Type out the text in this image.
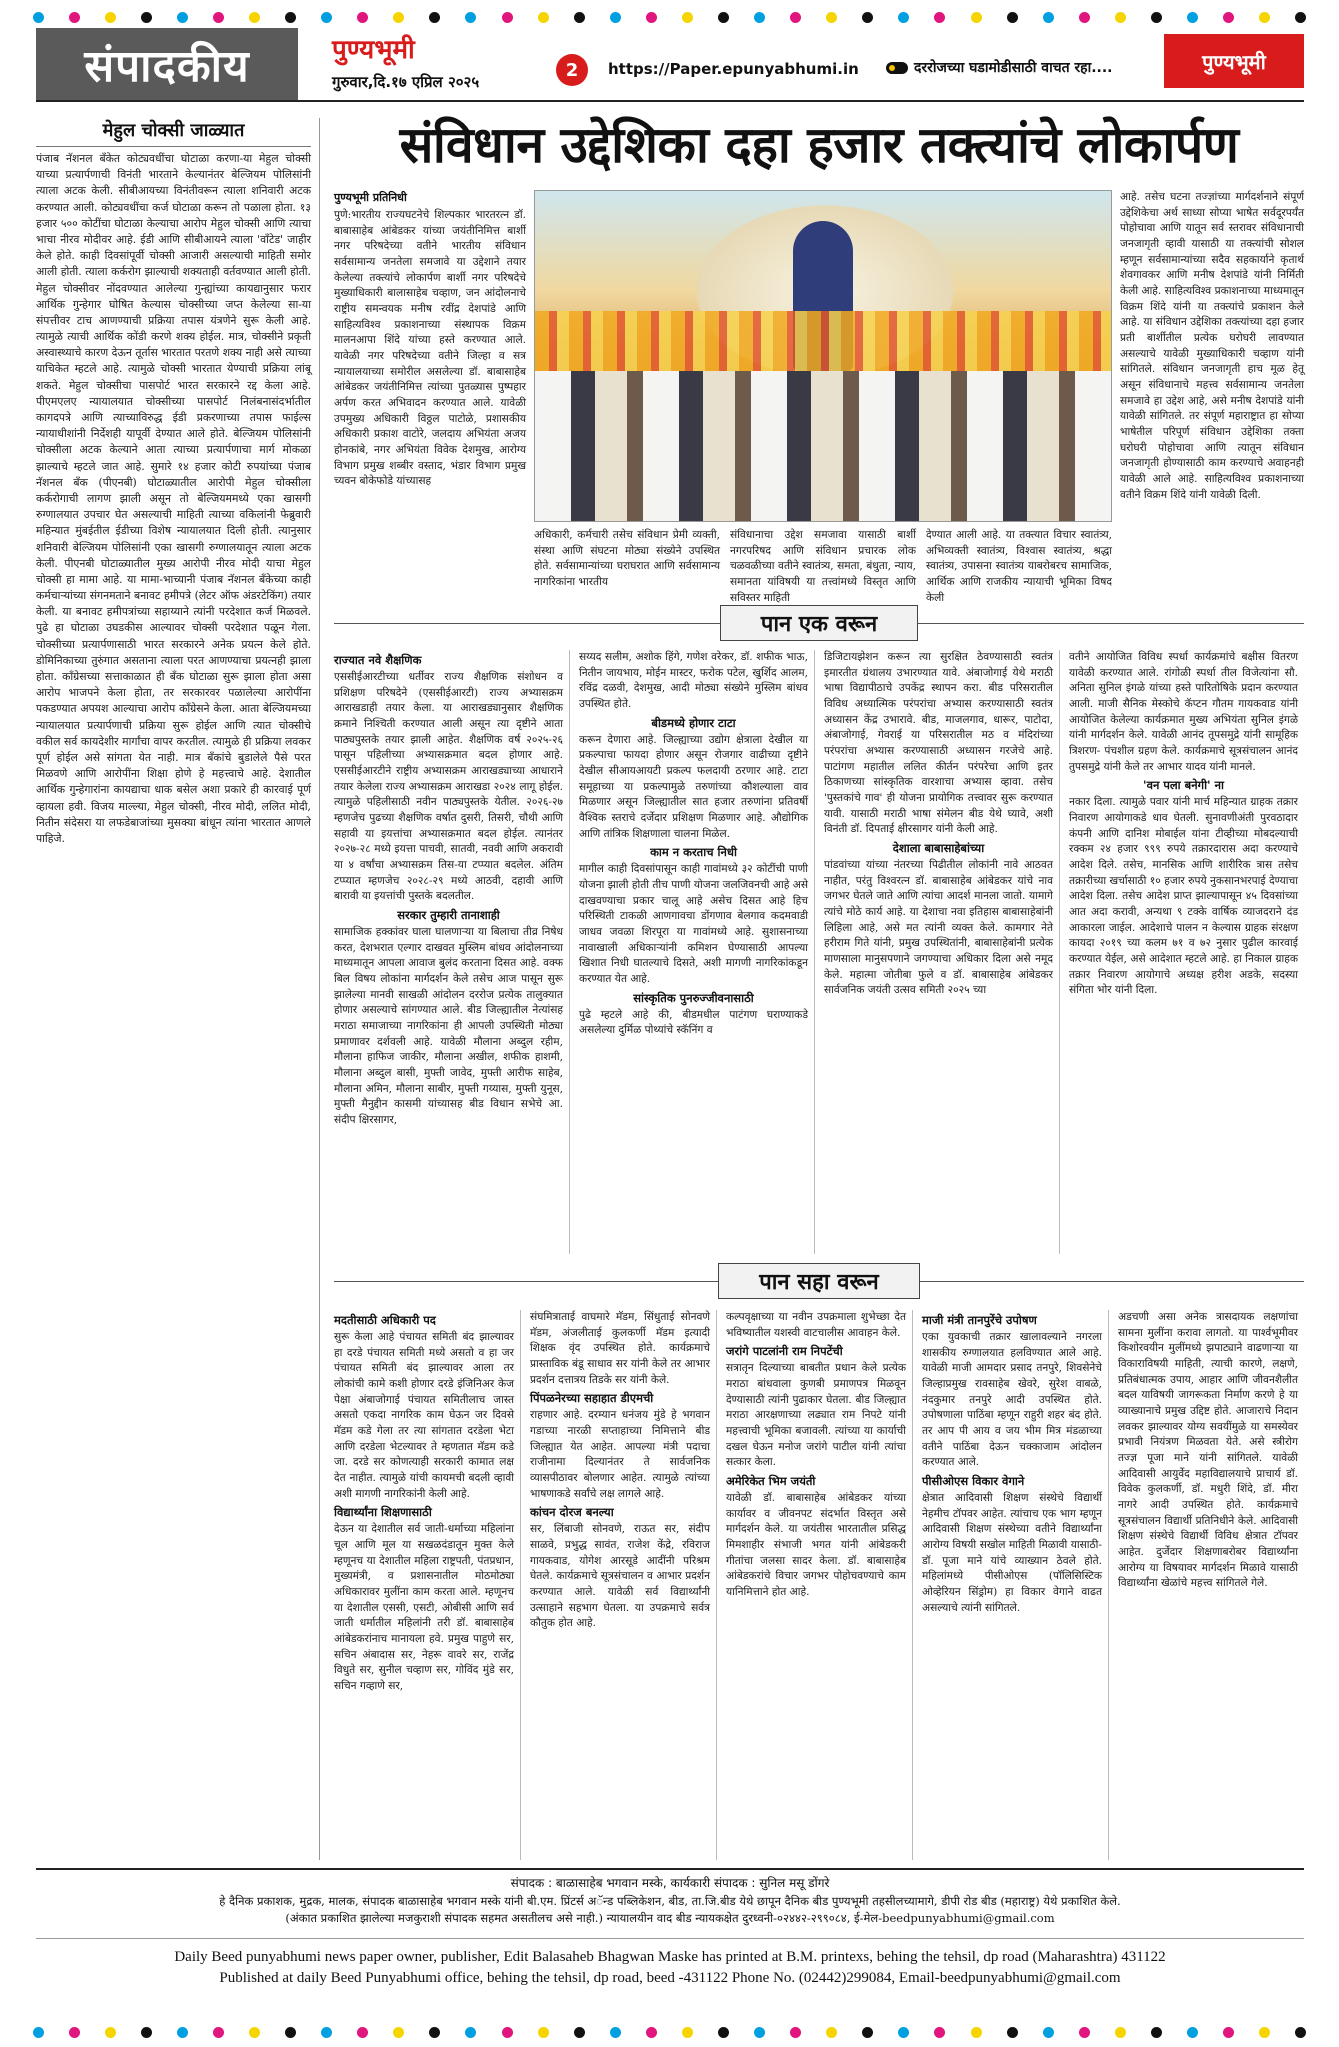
संपादकीय	पुण्यभूमी
गुरुवार,दि.१७ एप्रिल २०२५
2	https://Paper.epunyabhumi.in	दररोजच्या घडामोडीसाठी वाचत रहा....	पुण्यभूमी
मेहुल चोक्सी जाळ्यात

पंजाब नॅशनल बँकेत कोट्यवधींचा घोटाळा करणा-या मेहुल चोक्सी याच्या प्रत्यार्पणाची विनंती भारताने केल्यानंतर बेल्जियम पोलिसांनी त्याला अटक केली. सीबीआयच्या विनंतीवरून त्याला शनिवारी अटक करण्यात आली. कोट्यवधींचा कर्ज घोटाळा करून तो पळाला होता. १३ हजार ५०० कोटींचा घोटाळा केल्याचा आरोप मेहुल चोक्सी आणि त्याचा भाचा नीरव मोदीवर आहे. ईडी आणि सीबीआयने त्याला 'वाँटेड' जाहीर केले होते. काही दिवसांपूर्वी चोक्सी आजारी असल्याची माहिती समोर आली होती. त्याला कर्करोग झाल्याची शक्यताही वर्तवण्यात आली होती. मेहुल चोक्सीवर नोंदवण्यात आलेल्या गुन्ह्यांच्या कायद्यानुसार फरार आर्थिक गुन्हेगार घोषित केल्यास चोक्सीच्या जप्त केलेल्या सा-या संपत्तीवर टाच आणण्याची प्रक्रिया तपास यंत्रणेने सुरू केली आहे. त्यामुळे त्याची आर्थिक कोंडी करणे शक्य होईल. मात्र, चोक्सीने प्रकृती अस्वास्थ्याचे कारण देऊन तूर्तास भारतात परतणे शक्य नाही असे त्याच्या याचिकेत म्हटले आहे. त्यामुळे चोक्सी भारतात येण्याची प्रक्रिया लांबू शकते. मेहुल चोक्सीचा पासपोर्ट भारत सरकारने रद्द केला आहे. पीएमएलए न्यायालयात चोक्सीच्या पासपोर्ट निलंबनासंदर्भातील कागदपत्रे आणि त्याच्याविरुद्ध ईडी प्रकरणाच्या तपास फाईल्स न्यायाधीशांनी निर्देशही यापूर्वी देण्यात आले होते. बेल्जियम पोलिसांनी चोक्सीला अटक केल्याने आता त्याच्या प्रत्यार्पणाचा मार्ग मोकळा झाल्याचे म्हटले जात आहे. सुमारे १४ हजार कोटी रुपयांच्या पंजाब नॅशनल बँक (पीएनबी) घोटाळ्यातील आरोपी मेहुल चोक्सीला कर्करोगाची लागण झाली असून तो बेल्जियममध्ये एका खासगी रुग्णालयात उपचार घेत असल्याची माहिती त्याच्या वकिलांनी फेब्रुवारी महिन्यात मुंबईतील ईडीच्या विशेष न्यायालयात दिली होती. त्यानुसार शनिवारी बेल्जियम पोलिसांनी एका खासगी रुग्णालयातून त्याला अटक केली. पीएनबी घोटाळ्यातील मुख्य आरोपी नीरव मोदी याचा मेहुल चोक्सी हा मामा आहे. या मामा-भाच्यानी पंजाब नॅशनल बँकेच्या काही कर्मचाऱ्यांच्या संगनमताने बनावट हमीपत्रे (लेटर ऑफ अंडरटेकिंग) तयार केली. या बनावट हमीपत्रांच्या सहाय्याने त्यांनी परदेशात कर्ज मिळवले. पुढे हा घोटाळा उघडकीस आल्यावर चोक्सी परदेशात पळून गेला. चोक्सीच्या प्रत्यार्पणासाठी भारत सरकारने अनेक प्रयत्न केले होते. डोमिनिकाच्या तुरुंगात असताना त्याला परत आणण्याचा प्रयत्नही झाला होता. काँग्रेसच्या सत्ताकाळात ही बँक घोटाळा सुरू झाला होता असा आरोप भाजपने केला होता, तर सरकारवर पळालेल्या आरोपींना पकडण्यात अपयश आल्याचा आरोप काँग्रेसने केला. आता बेल्जियमच्या न्यायालयात प्रत्यार्पणाची प्रक्रिया सुरू होईल आणि त्यात चोक्सीचे वकील सर्व कायदेशीर मार्गांचा वापर करतील. त्यामुळे ही प्रक्रिया लवकर पूर्ण होईल असे सांगता येत नाही. मात्र बँकांचे बुडालेले पैसे परत मिळवणे आणि आरोपींना शिक्षा होणे हे महत्त्वाचे आहे. देशातील आर्थिक गुन्हेगारांना कायद्याचा धाक बसेल अशा प्रकारे ही कारवाई पूर्ण व्हायला हवी. विजय माल्ल्या, मेहुल चोक्सी, नीरव मोदी, ललित मोदी, नितीन संदेसरा या लफडेबाजांच्या मुसक्या बांधून त्यांना भारतात आणले पाहिजे.

संविधान उद्देशिका दहा हजार तक्त्यांचे लोकार्पण
पुण्यभूमी प्रतिनिधी

पुणे:भारतीय राज्यघटनेचे शिल्पकार भारतरत्न डॉ. बाबासाहेब आंबेडकर यांच्या जयंतीनिमित्त बार्शी नगर परिषदेच्या वतीने भारतीय संविधान सर्वसामान्य जनतेला समजावे या उद्देशाने तयार केलेल्या तक्त्यांचे लोकार्पण बार्शी नगर परिषदेचे मुख्याधिकारी बालासाहेब चव्हाण, जन आंदोलनाचे राष्ट्रीय समन्वयक मनीष रवींद्र देशपांडे आणि साहित्यविश्व प्रकाशनाच्या संस्थापक विक्रम मालनआपा शिंदे यांच्या हस्ते करण्यात आले. यावेळी नगर परिषदेच्या वतीने जिल्हा व सत्र न्यायालयाच्या समोरील असलेल्या डॉ. बाबासाहेब आंबेडकर जयंतीनिमित्त त्यांच्या पुतळ्यास पुष्पहार अर्पण करत अभिवादन करण्यात आले. यावेळी उपमुख्य अधिकारी विठ्ठल पाटोळे, प्रशासकीय अधिकारी प्रकाश वाटोरे, जलदाय अभियंता अजय होनकांबे, नगर अभियंता विवेक देशमुख, आरोग्य विभाग प्रमुख शब्बीर वस्ताद, भंडार विभाग प्रमुख च्यवन बोकेफोडे यांच्यासह

अधिकारी, कर्मचारी तसेच संविधान प्रेमी व्यक्ती, संस्था आणि संघटना मोठ्या संख्येने उपस्थित होते. सर्वसामान्यांच्या घराघरात आणि सर्वसामान्य नागरिकांना भारतीय

संविधानाचा उद्देश समजावा यासाठी बार्शी नगरपरिषद आणि संविधान प्रचारक लोक चळवळीच्या वतीने स्वातंत्र्य, समता, बंधुता, न्याय, समानता यांविषयी या तत्त्वांमध्ये विस्तृत आणि सविस्तर माहिती

देण्यात आली आहे. या तक्त्यात विचार स्वातंत्र्य, अभिव्यक्ती स्वातंत्र्य, विश्वास स्वातंत्र्य, श्रद्धा स्वातंत्र्य, उपासना स्वातंत्र्य याबरोबरच सामाजिक, आर्थिक आणि राजकीय न्यायाची भूमिका विषद केली

आहे. तसेच घटना तज्ज्ञांच्या मार्गदर्शनाने संपूर्ण उद्देशिकेचा अर्थ साध्या सोप्या भाषेत सर्वदूरपर्यंत पोहोचावा आणि यातून सर्व स्तरावर संविधानाची जनजागृती व्हावी यासाठी या तक्त्यांची सोशल म्हणून सर्वसामान्यांच्या सदैव सहकार्याने कृतार्थ शेवगावकर आणि मनीष देशपांडे यांनी निर्मिती केली आहे. साहित्यविश्व प्रकाशनाच्या माध्यमातून विक्रम शिंदे यांनी या तक्त्यांचे प्रकाशन केले आहे. या संविधान उद्देशिका तक्त्यांच्या दहा हजार प्रती बार्शीतील प्रत्येक घरोघरी लावण्यात असल्याचे यावेळी मुख्याधिकारी चव्हाण यांनी सांगितले. संविधान जनजागृती हाच मूळ हेतू असून संविधानाचे महत्त्व सर्वसामान्य जनतेला समजावे हा उद्देश आहे, असे मनीष देशपांडे यांनी यावेळी सांगितले. तर संपूर्ण महाराष्ट्रात हा सोप्या भाषेतील परिपूर्ण संविधान उद्देशिका तक्ता घरोघरी पोहोचावा आणि त्यातून संविधान जनजागृती होण्यासाठी काम करण्याचे अवाहनही यावेळी आले आहे. साहित्यविश्व प्रकाशनाच्या वतीने विक्रम शिंदे यांनी यावेळी दिली.

पान एक वरून
राज्यात नवे शैक्षणिक

एससीईआरटीच्या धर्तीवर राज्य शैक्षणिक संशोधन व प्रशिक्षण परिषदेने (एससीईआरटी) राज्य अभ्यासक्रम आराखडाही तयार केला. या आराखड्यानुसार शैक्षणिक क्रमाने निश्चिती करण्यात आली असून त्या दृष्टीने आता पाठ्यपुस्तके तयार झाली आहेत. शैक्षणिक वर्ष २०२५-२६ पासून पहिलीच्या अभ्यासक्रमात बदल होणार आहे. एससीईआरटीने राष्ट्रीय अभ्यासक्रम आराखड्याच्या आधाराने तयार केलेला राज्य अभ्यासक्रम आराखडा २०२४ लागू होईल. त्यामुळे पहिलीसाठी नवीन पाठ्यपुस्तके येतील. २०२६-२७ म्हणजेच पुढच्या शैक्षणिक वर्षात दुसरी, तिसरी, चौथी आणि सहावी या इयत्तांचा अभ्यासक्रमात बदल होईल. त्यानंतर २०२७-२८ मध्ये इयत्ता पाचवी, सातवी, नववी आणि अकरावी या ४ वर्षांचा अभ्यासक्रम तिस-या टप्प्यात बदलेल. अंतिम टप्प्यात म्हणजेच २०२८-२९ मध्ये आठवी, दहावी आणि बारावी या इयत्तांची पुस्तके बदलतील.

सरकार तुम्हारी तानाशाही

सामाजिक हक्कांवर घाला घालणाऱ्या या बिलाचा तीव्र निषेध करत, देशभरात एल्गार दाखवत मुस्लिम बांधव आंदोलनाच्या माध्यमातून आपला आवाज बुलंद करताना दिसत आहे. वक्फ बिल विषय लोकांना मार्गदर्शन केले तसेच आज पासून सुरू झालेल्या मानवी साखळी आंदोलन दररोज प्रत्येक तालुक्यात होणार असल्याचे सांगण्यात आले. बीड जिल्ह्यातील नेत्यांसह मराठा समाजाच्या नागरिकांना ही आपली उपस्थिती मोठ्या प्रमाणावर दर्शवली आहे. यावेळी मौलाना अब्दुल रहीम, मौलाना हाफिज जाकीर, मौलाना अखील, शफीक हाशमी, मौलाना अब्दुल बासी, मुफ्ती जावेद, मुफ्ती आरीफ साहेब, मौलाना अमिन, मौलाना साबीर, मुफ्ती गय्यास, मुफ्ती युनूस, मुफ्ती मैनुद्दीन कासमी यांच्यासह बीड विधान सभेचे आ. संदीप क्षिरसागर,

सय्यद सलीम, अशोक हिंगे, गणेश वरेकर, डॉ. शफीक भाऊ, नितीन जायभाय, मोईन मास्टर, फरोक पटेल, खुर्शिद आलम, रविंद्र दळवी, देशमुख, आदी मोठ्या संख्येने मुस्लिम बांधव उपस्थित होते.

बीडमध्ये होणार टाटा

करून देणारा आहे. जिल्ह्याच्या उद्योग क्षेत्राला देखील या प्रकल्पाचा फायदा होणार असून रोजगार वाढीच्या दृष्टीने देखील सीआयआयटी प्रकल्प फलदायी ठरणार आहे. टाटा समूहाच्या या प्रकल्पामुळे तरुणांच्या कौशल्याला वाव मिळणार असून जिल्ह्यातील सात हजार तरुणांना प्रतिवर्षी वैश्विक स्तराचे दर्जेदार प्रशिक्षण मिळणार आहे. औद्योगिक आणि तांत्रिक शिक्षणाला चालना मिळेल.

काम न करताच निधी

मागील काही दिवसांपासून काही गावांमध्ये ३२ कोटींची पाणी योजना झाली होती तीच पाणी योजना जलजिवनची आहे असे दाखवण्याचा प्रकार चालू आहे असेच दिसत आहे हिच परिस्थिती टाकळी आणगावचा डोंगणाव बेलगाव कदमवाडी जाधव जवळा शिरपूरा या गावांमध्ये आहे. सुशासनाच्या नावाखाली अधिकाऱ्यांनी कमिशन घेण्यासाठी आपल्या खिशात निधी घातल्याचे दिसते, अशी मागणी नागरिकांकडून करण्यात येत आहे.

सांस्कृतिक पुनरुज्जीवनासाठी

पुढे म्हटले आहे की, बीडमधील पाटंगण घराण्याकडे असलेल्या दुर्मिळ पोथ्यांचे स्कॅनिंग व

डिजिटायझेशन करून त्या सुरक्षित ठेवण्यासाठी स्वतंत्र इमारतीत ग्रंथालय उभारण्यात यावे. अंबाजोगाई येथे मराठी भाषा विद्यापीठाचे उपकेंद्र स्थापन करा. बीड परिसरातील विविध अध्यात्मिक परंपरांचा अभ्यास करण्यासाठी स्वतंत्र अध्यासन केंद्र उभारावे. बीड, माजलगाव, धारूर, पाटोदा, अंबाजोगाई, गेवराई या परिसरातील मठ व मंदिरांच्या परंपरांचा अभ्यास करण्यासाठी अध्यासन गरजेचे आहे. पाटांगण महातील ललित कीर्तन परंपरेचा आणि इतर ठिकाणच्या सांस्कृतिक वारशाचा अभ्यास व्हावा. तसेच 'पुस्तकांचे गाव' ही योजना प्रायोगिक तत्त्वावर सुरू करण्यात यावी. यासाठी मराठी भाषा संमेलन बीड येथे घ्यावे, अशी विनंती डॉ. दिपताई क्षीरसागर यांनी केली आहे.

देशाला बाबासाहेबांच्या

पांडवांच्या यांच्या नंतरच्या पिढीतील लोकांनी नावे आठवत नाहीत, परंतु विश्वरत्न डॉ. बाबासाहेब आंबेडकर यांचे नाव जगभर घेतले जाते आणि त्यांचा आदर्श मानला जातो. यामागे त्यांचे मोठे कार्य आहे. या देशाचा नवा इतिहास बाबासाहेबांनी लिहिला आहे, असे मत त्यांनी व्यक्त केले. कामगार नेते हरीराम गिते यांनी, प्रमुख उपस्थितांनी, बाबासाहेबांनी प्रत्येक माणसाला मानुसपणाने जगण्याचा अधिकार दिला असे नमूद केले. महात्मा जोतीबा फुले व डॉ. बाबासाहेब आंबेडकर सार्वजनिक जयंती उत्सव समिती २०२५ च्या

वतीने आयोजित विविध स्पर्धा कार्यक्रमांचे बक्षीस वितरण यावेळी करण्यात आले. रांगोळी स्पर्धा तील विजेत्यांना सौ. अनिता सुनिल इंगळे यांच्या हस्ते पारितोषिके प्रदान करण्यात आली. माजी सैनिक मेस्कोचे कॅप्टन गौतम गायकवाड यांनी आयोजित केलेल्या कार्यक्रमात मुख्य अभियंता सुनिल इंगळे यांनी मार्गदर्शन केले. यावेळी आनंद तूपसमुद्रे यांनी सामूहिक त्रिशरण- पंचशील ग्रहण केले. कार्यक्रमाचे सूत्रसंचालन आनंद तुपसमुद्रे यांनी केले तर आभार यादव यांनी मानले.

'वन पला बनेगी' ना

नकार दिला. त्यामुळे पवार यांनी मार्च महिन्यात ग्राहक तक्रार निवारण आयोगाकडे धाव घेतली. सुनावणीअंती पुरवठादार कंपनी आणि दानिश मोबाईल यांना टीव्हीच्या मोबदल्याची रक्कम २४ हजार ९९९ रुपये तक्रारदारास अदा करण्याचे आदेश दिले. तसेच, मानसिक आणि शारीरिक त्रास तसेच तक्रारीच्या खर्चासाठी १० हजार रुपये नुकसानभरपाई देण्याचा आदेश दिला. तसेच आदेश प्राप्त झाल्यापासून ४५ दिवसांच्या आत अदा करावी, अन्यथा ९ टक्के वार्षिक व्याजदराने दंड आकारला जाईल. आदेशाचे पालन न केल्यास ग्राहक संरक्षण कायदा २०१९ च्या कलम ७१ व ७२ नुसार पुढील कारवाई करण्यात येईल, असे आदेशात म्हटले आहे. हा निकाल ग्राहक तक्रार निवारण आयोगाचे अध्यक्ष हरीश अडके, सदस्या संगिता भोर यांनी दिला.

पान सहा वरून
मदतीसाठी अधिकारी पद

सुरू केला आहे पंचायत समिती बंद झाल्यावर हा दरडे पंचायत समिती मध्ये असतो व हा जर पंचायत समिती बंद झाल्यावर आला तर लोकांची कामे कशी होणार दरडे इंजिनिअर केज पेक्षा अंबाजोगाई पंचायत समितीलाच जास्त असतो एकदा नागरिक काम घेऊन जर दिवसे मॅडम कडे गेला तर त्या सांगतात दरडेला भेटा आणि दरडेला भेटल्यावर ते म्हणतात मॅडम कडे जा. दरडे सर कोणत्याही सरकारी कामात लक्ष देत नाहीत. त्यामुळे यांची कायमची बदली व्हावी अशी मागणी नागरिकांनी केली आहे.

विद्यार्थ्यांना शिक्षणासाठी

देऊन या देशातील सर्व जाती-धर्माच्या महिलांना चूल आणि मूल या सखळदंडातून मुक्त केले म्हणूनच या देशातील महिला राष्ट्रपती, पंतप्रधान, मुख्यमंत्री, व प्रशासनातील मोठमोठ्या अधिकारावर मुलींना काम करता आले. म्हणूनच या देशातील एससी, एसटी, ओबीसी आणि सर्व जाती धर्मातील महिलांनी तरी डॉ. बाबासाहेब आंबेडकरांनाच मानायला हवे. प्रमुख पाहुणे सर, सचिन अंबादास सर, नेहरू वावरे सर, राजेंद्र विधुते सर, सुनील चव्हाण सर, गोविंद मुंडे सर, सचिन गव्हाणे सर,

संघमित्राताई वाघमारे मॅडम, सिंधुताई सोनवणे मॅडम, अंजलीताई कुलकर्णी मॅडम इत्यादी शिक्षक वृंद उपस्थित होते. कार्यक्रमाचे प्रास्ताविक बंडू साधाव सर यांनी केले तर आभार प्रदर्शन दत्तात्रय तिडके सर यांनी केले.

पिंपळनेरच्या सहाहात डीएमची

राहणार आहे. दरम्यान धनंजय मुंडे हे भगवान गडाच्या नारळी सप्ताहाच्या निमित्ताने बीड जिल्ह्यात येत आहेत. आपल्या मंत्री पदाचा राजीनामा दिल्यानंतर ते सार्वजनिक व्यासपीठावर बोलणार आहेत. त्यामुळे त्यांच्या भाषणाकडे सर्वांचे लक्ष लागले आहे.

कांचन दोरज बनल्या

सर, लिंबाजी सोनवणे, राऊत सर, संदीप साळवे, प्रभुद्ध सावंत, राजेश केंद्रे, रविराज गायकवाड, योगेश आरसूडे आदींनी परिश्रम घेतले. कार्यक्रमाचे सूत्रसंचालन व आभार प्रदर्शन करण्यात आले. यावेळी सर्व विद्यार्थ्यांनी उत्साहाने सहभाग घेतला. या उपक्रमाचे सर्वत्र कौतुक होत आहे.

कल्पवृक्षाच्या या नवीन उपक्रमाला शुभेच्छा देत भविष्यातील यशस्वी वाटचालीस आवाहन केले.

जरांगे पाटलांनी राम निपटेंची

सत्रातृन दिल्याच्या बाबतीत प्रधान केले प्रत्येक मराठा बांधवाला कुणबी प्रमाणपत्र मिळवून देण्यासाठी त्यांनी पुढाकार घेतला. बीड जिल्ह्यात मराठा आरक्षणाच्या लढ्यात राम निपटे यांनी महत्त्वाची भूमिका बजावली. त्यांच्या या कार्याची दखल घेऊन मनोज जरांगे पाटील यांनी त्यांचा सत्कार केला.

अमेरिकेत भिम जयंती

यावेळी डॉ. बाबासाहेब आंबेडकर यांच्या कार्यावर व जीवनपट संदर्भात विस्तृत असे मार्गदर्शन केले. या जयंतीस भारतातील प्रसिद्ध मिमशाहीर संभाजी भगत यांनी आंबेडकरी गीतांचा जलसा सादर केला. डॉ. बाबासाहेब आंबेडकरांचे विचार जगभर पोहोचवण्याचे काम यानिमित्ताने होत आहे.

माजी मंत्री तानपुरेंचे उपोषण

एका युवकाची तक्रार खालावल्याने नगरला शासकीय रुग्णालयात हलविण्यात आले आहे. यावेळी माजी आमदार प्रसाद तनपुरे, शिवसेनेचे जिल्हाप्रमुख रावसाहेब खेवरे, सुरेश वाबळे, नंदकुमार तनपुरे आदी उपस्थित होते. उपोषणाला पाठिंबा म्हणून राहुरी शहर बंद होते. तर आप पी आय व जय भीम मित्र मंडळाच्या वतीने पाठिंबा देऊन चक्काजाम आंदोलन करण्यात आले.

पीसीओएस विकार वेगाने

क्षेत्रात आदिवासी शिक्षण संस्थेचे विद्यार्थी नेहमीच टॉपवर आहेत. त्यांचाच एक भाग म्हणून आदिवासी शिक्षण संस्थेच्या वतीने विद्यार्थ्यांना आरोग्य विषयी सखोल माहिती मिळावी यासाठी- डॉ. पूजा माने यांचे व्याख्यान ठेवले होते. महिलांमध्ये पीसीओएस (पॉलिसिस्टिक ओव्हेरियन सिंड्रोम) हा विकार वेगाने वाढत असल्याचे त्यांनी सांगितले.

अडचणी असा अनेक त्रासदायक लक्षणांचा सामना मुलींना करावा लागतो. या पार्श्वभूमीवर किशोरवयीन मुलींमध्ये झपाट्याने वाढणाऱ्या या विकाराविषयी माहिती, त्याची कारणे, लक्षणे, प्रतिबंधात्मक उपाय, आहार आणि जीवनशैलीत बदल याविषयी जागरूकता निर्माण करणे हे या व्याख्यानाचे प्रमुख उद्दिष्ट होते. आजाराचे निदान लवकर झाल्यावर योग्य सवयींमुळे या समस्येवर प्रभावी नियंत्रण मिळवता येते. असे स्त्रीरोग तज्ज्ञ पूजा माने यांनी सांगितले. यावेळी आदिवासी आयुर्वेद महाविद्यालयाचे प्राचार्य डॉ. विवेक कुलकर्णी, डॉ. मधुरी शिंदे, डॉ. मीरा नागरे आदी उपस्थित होते. कार्यक्रमाचे सूत्रसंचालन विद्यार्थी प्रतिनिधीने केले. आदिवासी शिक्षण संस्थेचे विद्यार्थी विविध क्षेत्रात टॉपवर आहेत. दुर्जेदार शिक्षणाबरोबर विद्यार्थ्यांना आरोग्य या विषयावर मार्गदर्शन मिळावे यासाठी विद्यार्थ्यांना खेळांचे महत्त्व सांगितले गेले.

संपादक : बाळासाहेब भगवान मस्के, कार्यकारी संपादक : सुनिल मसू डोंगरे
हे दैनिक प्रकाशक, मुद्रक, मालक, संपादक बाळासाहेब भगवान मस्के यांनी बी.एम. प्रिंटर्स अॅन्ड पब्लिकेशन, बीड, ता.जि.बीड येथे छापून दैनिक बीड पुण्यभूमी तहसीलच्यामागे, डीपी रोड बीड (महाराष्ट्र) येथे प्रकाशित केले.
(अंकात प्रकाशित झालेल्या मजकुराशी संपादक सहमत असतीलच असे नाही.) न्यायालयीन वाद बीड न्यायकक्षेत दुरध्वनी-०२४४२-२९९०८४, ई-मेल-beedpunyabhumi@gmail.com
Daily Beed punyabhumi news paper owner, publisher, Edit Balasaheb Bhagwan Maske has printed at B.M. printexs, behing the tehsil, dp road (Maharashtra) 431122
Published at daily Beed Punyabhumi office, behing the tehsil, dp road, beed -431122 Phone No. (02442)299084, Email-beedpunyabhumi@gmail.com
